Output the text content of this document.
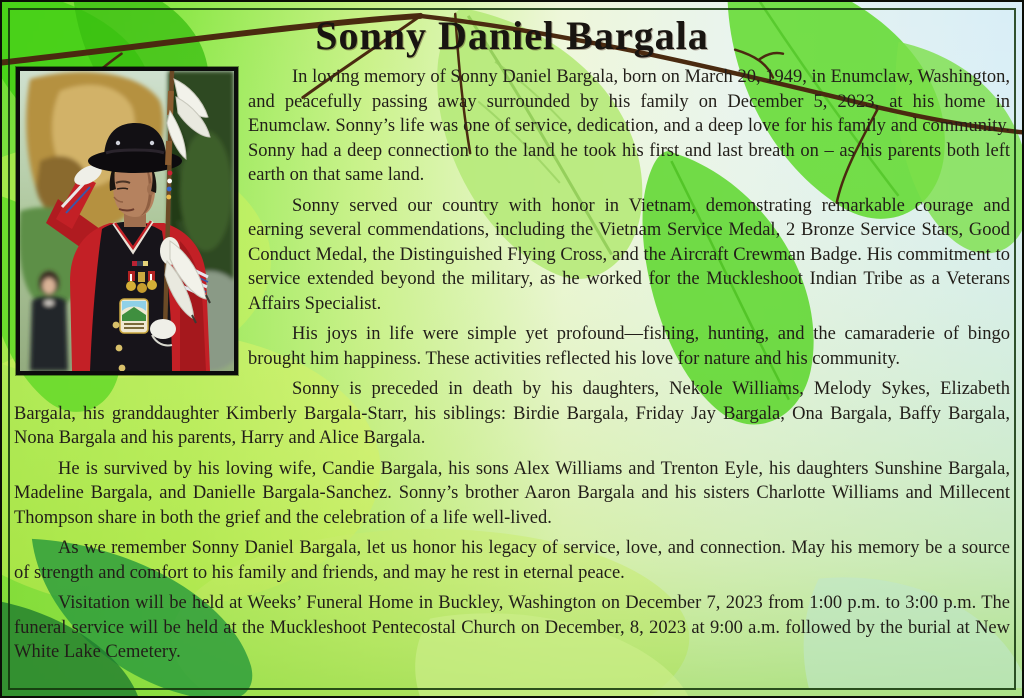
Sonny Daniel Bargala

In loving memory of Sonny Daniel Bargala, born on March 20, 1949, in Enumclaw, Washington, and peacefully passing away surrounded by his family on December 5, 2023, at his home in Enumclaw. Sonny’s life was one of service, dedication, and a deep love for his family and community. Sonny had a deep connection to the land he took his first and last breath on – as his parents both left earth on that same land.

Sonny served our country with honor in Vietnam, demonstrating remarkable courage and earning several commendations, including the Vietnam Service Medal, 2 Bronze Service Stars, Good Conduct Medal, the Distinguished Flying Cross, and the Aircraft Crewman Badge. His commitment to service extended beyond the military, as he worked for the Muckleshoot Indian Tribe as a Veterans Affairs Specialist.

His joys in life were simple yet profound—fishing, hunting, and the camaraderie of bingo brought him happiness. These activities reflected his love for nature and his community.

Sonny is preceded in death by his daughters, Nekole Williams, Melody Sykes, Elizabeth Bargala, his granddaughter Kimberly Bargala-Starr, his siblings: Birdie Bargala, Friday Jay Bargala, Ona Bargala, Baffy Bargala, Nona Bargala and his parents, Harry and Alice Bargala.

He is survived by his loving wife, Candie Bargala, his sons Alex Williams and Trenton Eyle, his daughters Sunshine Bargala, Madeline Bargala, and Danielle Bargala-Sanchez. Sonny’s brother Aaron Bargala and his sisters Charlotte Williams and Millecent Thompson share in both the grief and the celebration of a life well-lived.

As we remember Sonny Daniel Bargala, let us honor his legacy of service, love, and connection. May his memory be a source of strength and comfort to his family and friends, and may he rest in eternal peace.

Visitation will be held at Weeks’ Funeral Home in Buckley, Washington on December 7, 2023 from 1:00 p.m. to 3:00 p.m. The funeral service will be held at the Muckleshoot Pentecostal Church on December, 8, 2023 at 9:00 a.m. followed by the burial at New White Lake Cemetery.
